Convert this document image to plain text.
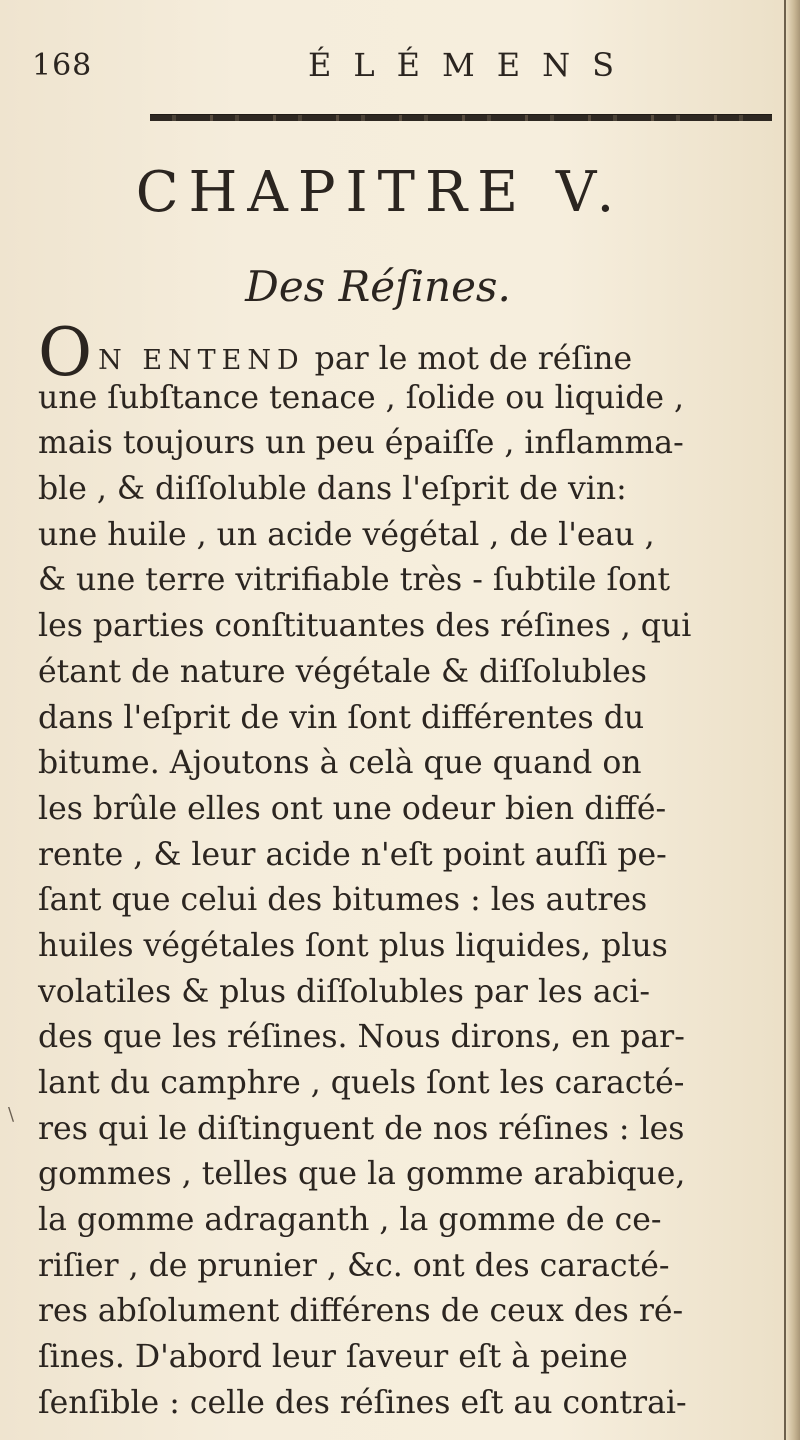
168	ÉLÉMENS
CHAPITRE V.
Des Réſines.
O N ENTEND par le mot de réſine
une ſubſtance tenace , ſolide ou liquide ,
mais toujours un peu épaiſſe , inflamma-
ble , & diſſoluble dans l'eſprit de vin:
une huile , un acide végétal , de l'eau ,
& une terre vitrifiable très - ſubtile ſont
les parties conſtituantes des réſines , qui
étant de nature végétale & diſſolubles
dans l'eſprit de vin ſont différentes du
bitume. Ajoutons à celà que quand on
les brûle elles ont une odeur bien diffé-
rente , & leur acide n'eſt point auſſi pe-
ſant que celui des bitumes : les autres
huiles végétales ſont plus liquides, plus
volatiles & plus diſſolubles par les aci-
des que les réſines. Nous dirons, en par-
lant du camphre , quels ſont les caracté-
res qui le diſtinguent de nos réſines : les
gommes , telles que la gomme arabique,
la gomme adraganth , la gomme de ce-
riſier , de prunier , &c. ont des caracté-
res abſolument différens de ceux des ré-
ſines. D'abord leur ſaveur eſt à peine
ſenſible : celle des réſines eſt au contrai-
\
